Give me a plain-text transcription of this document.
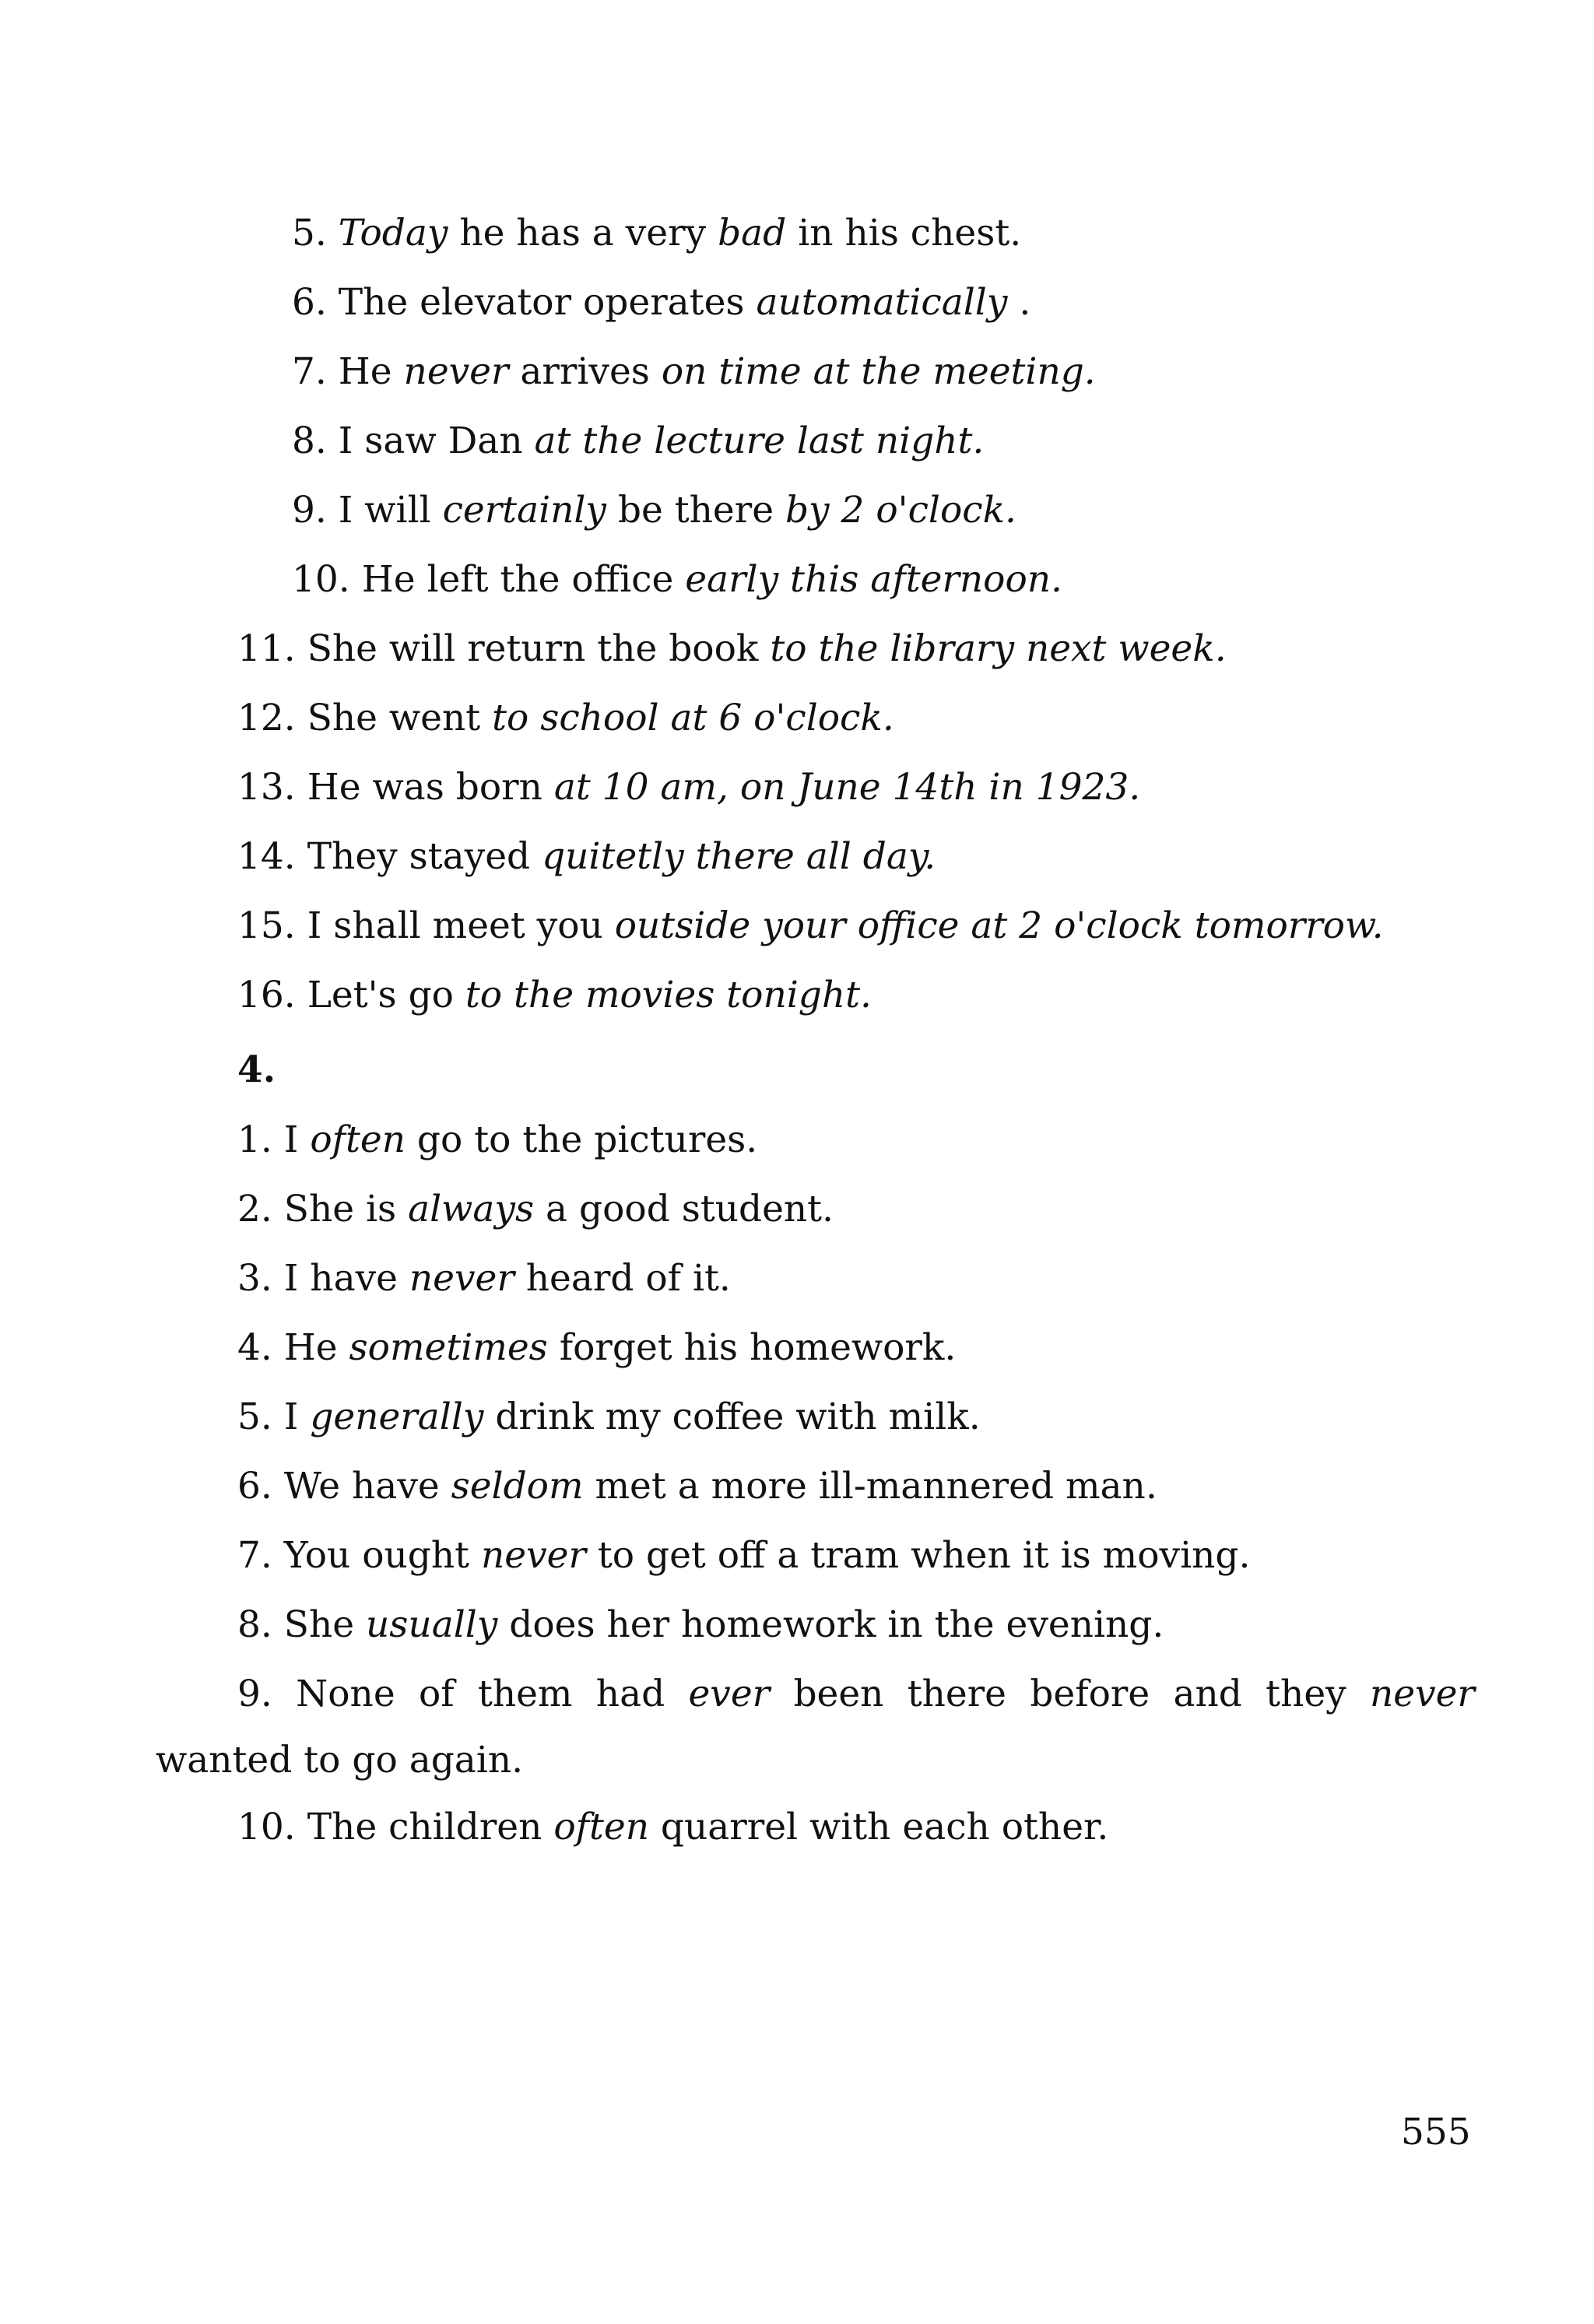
5. Today he has a very bad in his chest.
6. The elevator operates automatically .
7. He never arrives on time at the meeting.
8. I saw Dan at the lecture last night.
9. I will certainly be there by 2 o'clock.
10. He left the office early this afternoon.
11. She will return the book to the library next week.
12. She went to school at 6 o'clock.
13. He was born at 10 am, on June 14th in 1923.
14. They stayed quitetly there all day.
15. I shall meet you outside your office at 2 o'clock tomorrow.
16. Let's go to the movies tonight.
4.
1. I often go to the pictures.
2. She is always a good student.
3. I have never heard of it.
4. He sometimes forget his homework.
5. I generally drink my coffee with milk.
6. We have seldom met a more ill-mannered man.
7. You ought never to get off a tram when it is moving.
8. She usually does her homework in the evening.
9. None of them had ever been there before and they never
wanted to go again.
10. The children often quarrel with each other.
555
